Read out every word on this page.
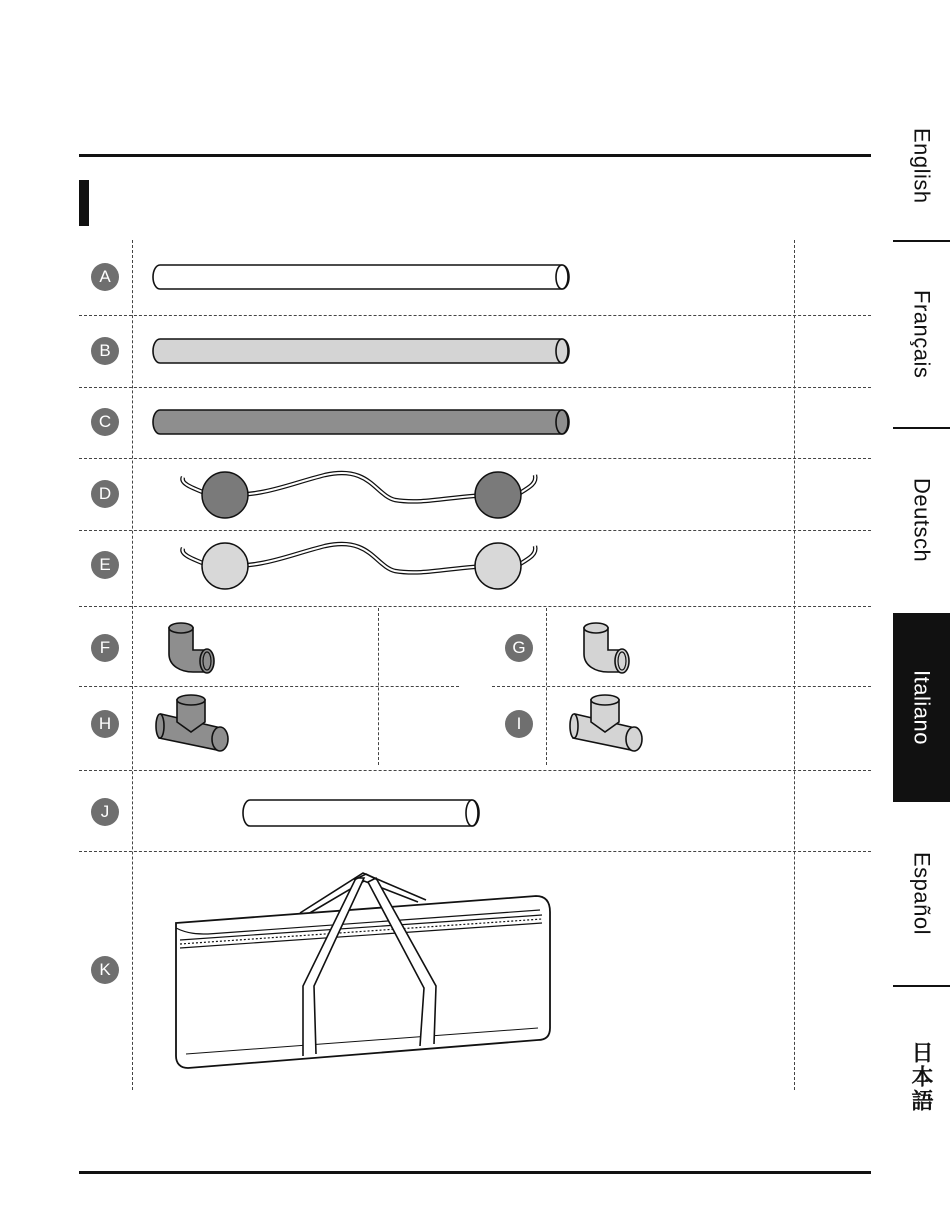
A
B
C
D
E
F	G
H	I
J
K
English
Français
Deutsch
Italiano
Español
日本語
